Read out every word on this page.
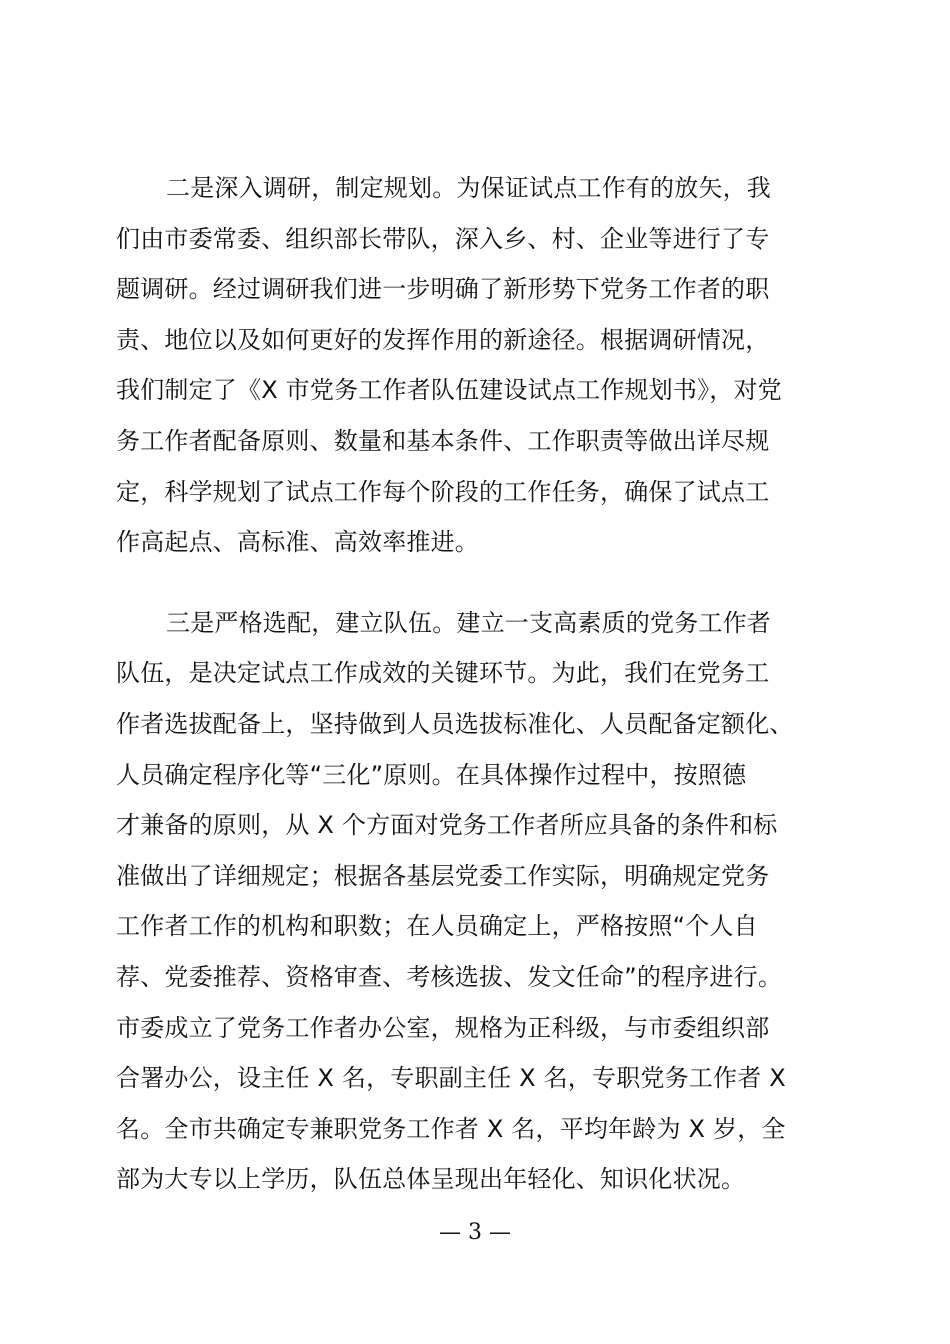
二是深入调研，制定规划。为保证试点工作有的放矢，我
们由市委常委、组织部长带队，深入乡、村、企业等进行了专
题调研。经过调研我们进一步明确了新形势下党务工作者的职
责、地位以及如何更好的发挥作用的新途径。根据调研情况，
我们制定了《X 市党务工作者队伍建设试点工作规划书》，对党
务工作者配备原则、数量和基本条件、工作职责等做出详尽规
定，科学规划了试点工作每个阶段的工作任务，确保了试点工
作高起点、高标准、高效率推进。
三是严格选配，建立队伍。建立一支高素质的党务工作者
队伍，是决定试点工作成效的关键环节。为此，我们在党务工
作者选拔配备上，坚持做到人员选拔标准化、人员配备定额化、
人员确定程序化等“三化”原则。在具体操作过程中，按照德
才兼备的原则，从 X 个方面对党务工作者所应具备的条件和标
准做出了详细规定；根据各基层党委工作实际，明确规定党务
工作者工作的机构和职数；在人员确定上，严格按照“个人自
荐、党委推荐、资格审查、考核选拔、发文任命”的程序进行。
市委成立了党务工作者办公室，规格为正科级，与市委组织部
合署办公，设主任 X 名，专职副主任 X 名，专职党务工作者 X
名。全市共确定专兼职党务工作者 X 名，平均年龄为 X 岁，全
部为大专以上学历，队伍总体呈现出年轻化、知识化状况。
— 3 —
